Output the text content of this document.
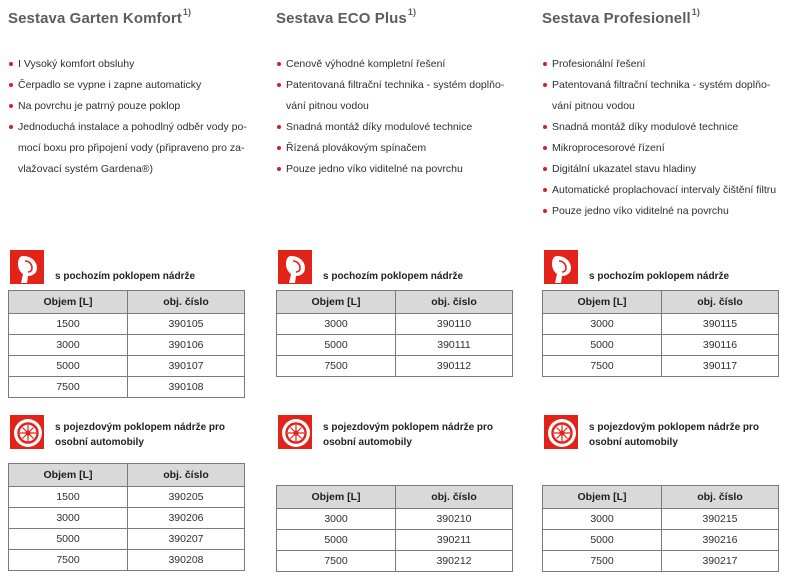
Sestava Garten Komfort$^{1)}$
I Vysoký komfort obsluhy
Čerpadlo se vypne i zapne automaticky
Na povrchu je patrný pouze poklop
Jednoduchá instalace a pohodlný odběr vody po-
mocí boxu pro připojení vody (připraveno pro za-
vlažovací systém Gardena®)
s pochozím poklopem nádrže
Objem [L]	obj. číslo
1500	390105
3000	390106
5000	390107
7500	390108
s pojezdovým poklopem nádrže pro
osobní automobily
Objem [L]	obj. číslo
1500	390205
3000	390206
5000	390207
7500	390208
Sestava ECO Plus$^{1)}$
Cenově výhodné kompletní řešení
Patentovaná filtrační technika - systém doplňo-
vání pitnou vodou
Snadná montáž díky modulové technice
Řízená plovákovým spínačem
Pouze jedno víko viditelné na povrchu
s pochozím poklopem nádrže
Objem [L]	obj. číslo
3000	390110
5000	390111
7500	390112
s pojezdovým poklopem nádrže pro
osobní automobily
Objem [L]	obj. číslo
3000	390210
5000	390211
7500	390212
Sestava Profesionell$^{1)}$
Profesionální řešení
Patentovaná filtrační technika - systém doplňo-
vání pitnou vodou
Snadná montáž díky modulové technice
Mikroprocesorové řízení
Digitální ukazatel stavu hladiny
Automatické proplachovací intervaly čištění filtru
Pouze jedno víko viditelné na povrchu
s pochozím poklopem nádrže
Objem [L]	obj. číslo
3000	390115
5000	390116
7500	390117
s pojezdovým poklopem nádrže pro
osobní automobily
Objem [L]	obj. číslo
3000	390215
5000	390216
7500	390217
